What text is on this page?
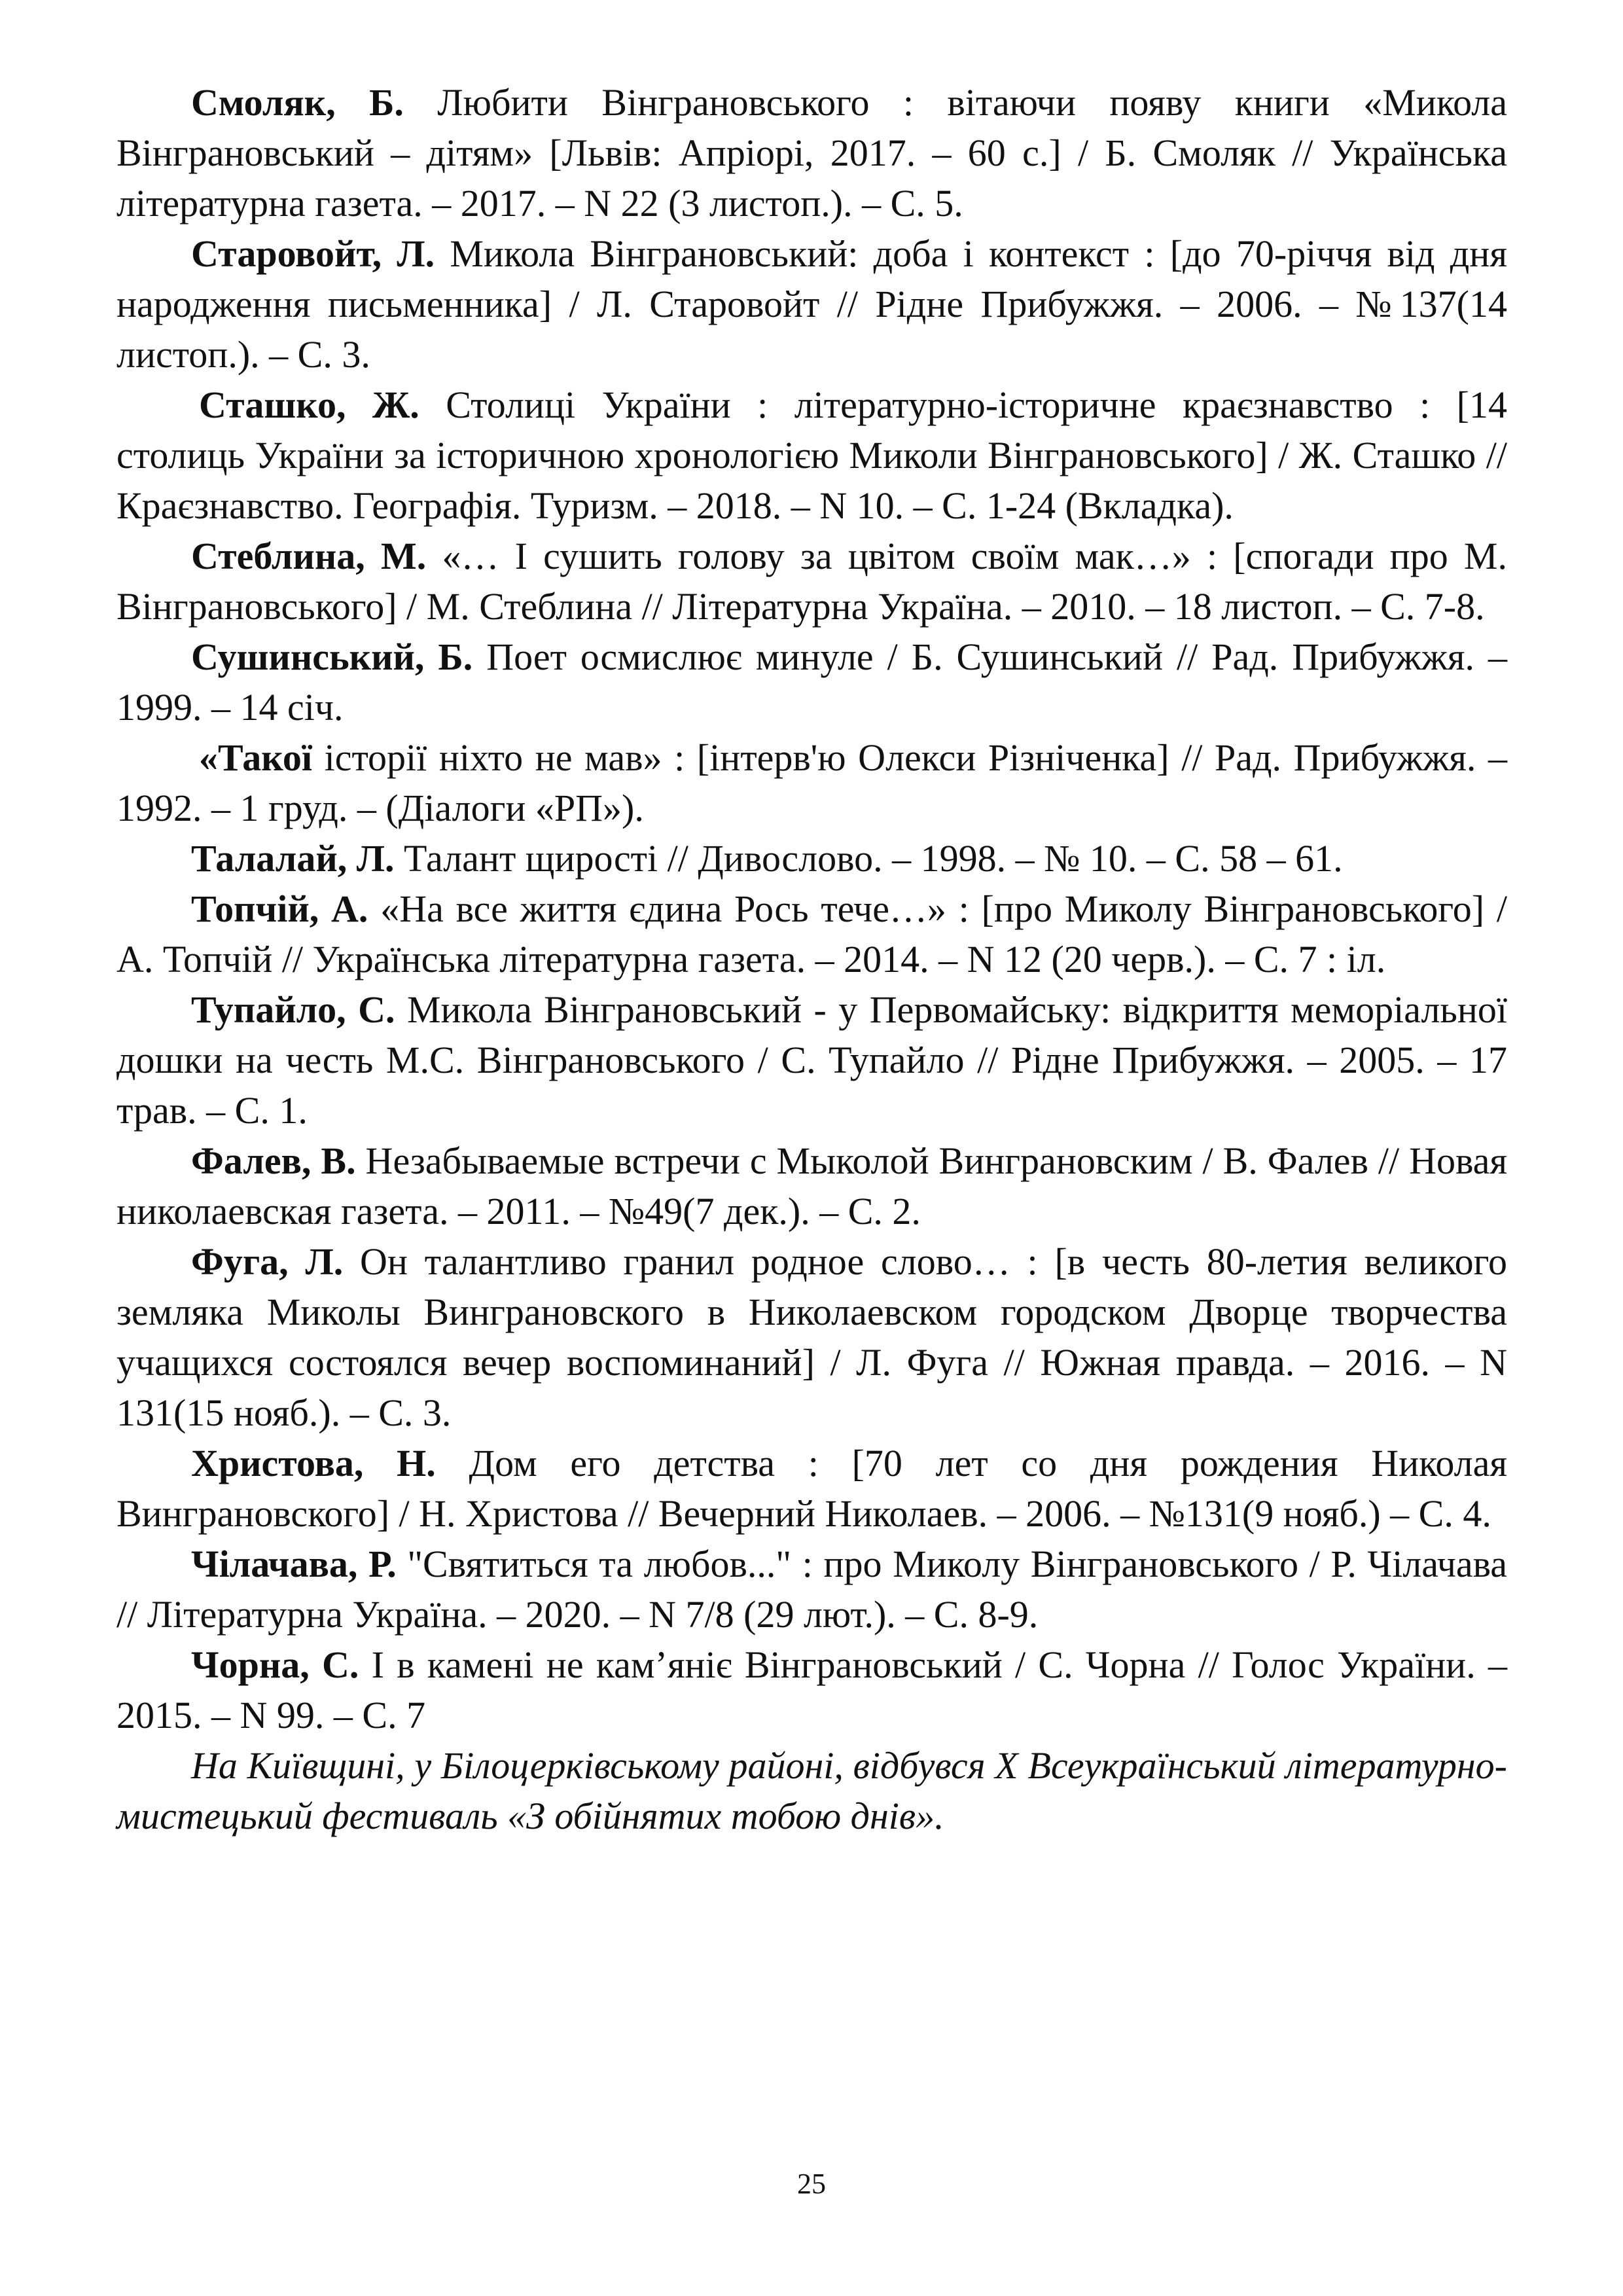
Смоляк, Б. Любити Вінграновського : вітаючи появу книги «Микола Вінграновський – дітям» [Львів: Апріорі, 2017. – 60 с.] / Б. Смоляк // Українська літературна газета. – 2017. – N 22 (3 листоп.). – С. 5.

Старовойт, Л. Микола Вінграновський: доба і контекст : [до 70-річчя від дня народження письменника] / Л. Старовойт // Рідне Прибужжя. – 2006. – №137(14 листоп.). – С. 3.

Сташко, Ж. Столиці України : літературно-історичне краєзнавство : [14 столиць України за історичною хронологією Миколи Вінграновського] / Ж. Сташко // Краєзнавство. Географія. Туризм. – 2018. – N 10. – С. 1-24 (Вкладка).

Стеблина, М. «… І сушить голову за цвітом своїм мак…» : [спогади про М. Вінграновського] / М. Стеблина // Літературна Україна. – 2010. – 18 листоп. – С. 7-8.

Сушинський, Б. Поет осмислює минуле / Б. Сушинський // Рад. Прибужжя. – 1999. – 14 січ.

«Такої історії ніхто не мав» : [інтерв'ю Олекси Різніченка] // Рад. Прибужжя. – 1992. – 1 груд. – (Діалоги «РП»).

Талалай, Л. Талант щирості // Дивослово. – 1998. – № 10. – С. 58 – 61.

Топчій, А. «На все життя єдина Рось тече…» : [про Миколу Вінграновського] / А. Топчій // Українська літературна газета. – 2014. – N 12 (20 черв.). – С. 7 : іл.

Тупайло, С. Микола Вінграновський - у Первомайську: відкриття меморіальної дошки на честь М.С. Вінграновського / С. Тупайло // Рідне Прибужжя. – 2005. – 17 трав. – С. 1.

Фалев, В. Незабываемые встречи с Мыколой Винграновским / В. Фалев // Новая николаевская газета. – 2011. – №49(7 дек.). – С. 2.

Фуга, Л. Он талантливо гранил родное слово… : [в честь 80-летия великого земляка Миколы Винграновского в Николаевском городском Дворце творчества учащихся состоялся вечер воспоминаний] / Л. Фуга // Южная правда. – 2016. – N 131(15 нояб.). – С. 3.

Христова, Н. Дом его детства : [70 лет со дня рождения Николая Винграновского] / Н. Христова // Вечерний Николаев. – 2006. – №131(9 нояб.) – С. 4.

Чілачава, Р. "Святиться та любов..." : про Миколу Вінграновського / Р. Чілачава // Літературна Україна. – 2020. – N 7/8 (29 лют.). – С. 8-9.

Чорна, С. І в камені не кам’яніє Вінграновський / С. Чорна // Голос України. – 2015. – N 99. – С. 7

На Київщині, у Білоцерківському районі, відбувся Х Всеукраїнський літературно-мистецький фестиваль «З обійнятих тобою днів».

25
